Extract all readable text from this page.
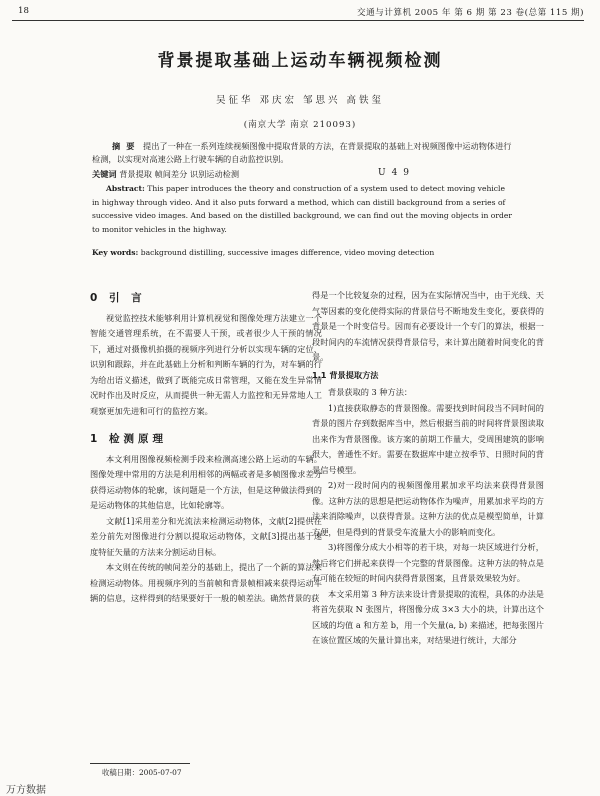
18	交通与计算机 2005 年 第 6 期 第 23 卷(总第 115 期)
背景提取基础上运动车辆视频检测
吴征华 邓庆宏 邹思兴 高铁玺
(南京大学 南京 210093)
摘要 提出了一种在一系列连续视频图像中提取背景的方法，在背景提取的基础上对视频图像中运动物体进行检测，以实现对高速公路上行驶车辆的自动监控识别。
关键词 背景提取 帧间差分 识别运动检测	U49
Abstract: This paper introduces the theory and construction of a system used to detect moving vehicle in highway through video. And it also puts forward a method, which can distill background from a series of successive video images. And based on the distilled background, we can find out the moving objects in order to monitor vehicles in the highway.
Key words: background distilling, successive images difference, video moving detection
0 引 言

视觉监控技术能够利用计算机视觉和图像处理方法建立一个智能交通管理系统，在不需要人干预，或者很少人干预的情况下，通过对摄像机拍摄的视频序列进行分析以实现车辆的定位、识别和跟踪，并在此基础上分析和判断车辆的行为，对车辆的行为给出语义描述，做到了既能完成日常管理，又能在发生异常情况时作出及时反应，从而提供一种无需人力监控和无异常地人工观察更加先进和可行的监控方案。

1 检测原理

本文利用图像视频检测手段来检测高速公路上运动的车辆。图像处理中常用的方法是利用相邻的两幅或者是多帧图像求差分获得运动物体的轮廓，该问题是一个方法，但是这种做法得到的是运动物体的其他信息，比如轮廓等。

文献[1]采用差分和光流法来检测运动物体，文献[2]提供在差分前先对图像进行分割以提取运动物体，文献[3]提出基于速度特征矢量的方法来分割运动目标。

本文则在传统的帧间差分的基础上，提出了一个新的算法来检测运动物体。用视频序列的当前帧和背景帧相减来获得运动车辆的信息，这样得到的结果要好于一般的帧差法。确然背景的获

得是一个比较复杂的过程，因为在实际情况当中，由于光线、天气等因素的变化使得实际的背景信号不断地发生变化，要获得的背景是一个时变信号。因而有必要设计一个专门的算法，根据一段时间内的车流情况获得背景信号，来计算出随着时间变化的背景。

1.1 背景提取方法

背景获取的 3 种方法：

1)直接获取静态的背景图像。需要找到时间段当不同时间的背景的图片存到数据库当中，然后根据当前的时间将背景图读取出来作为背景图像。该方案的前期工作量大，受周围建筑的影响很大，普通性不好。需要在数据库中建立按季节、日照时间的背景信号模型。

2)对一段时间内的视频图像用累加求平均法来获得背景图像。这种方法的思想是把运动物体作为噪声，用累加求平均的方法来消除噪声，以获得背景。这种方法的优点是模型简单，计算方便，但是得到的背景受车流量大小的影响而变化。

3)将图像分成大小相等的若干块，对每一块区域进行分析，然后将它们拼起来获得一个完整的背景图像。这种方法的特点是有可能在较短的时间内获得背景图案，且背景效果较为好。

本文采用第 3 种方法来设计背景提取的流程，具体的办法是将首先获取 N 张图片，将图像分成 3×3 大小的块，计算出这个区域的均值 a 和方差 b，用一个矢量(a, b) 来描述，把每张图片在该位置区域的矢量计算出来，对结果进行统计，大部分

收稿日期：2005-07-07
万方数据
